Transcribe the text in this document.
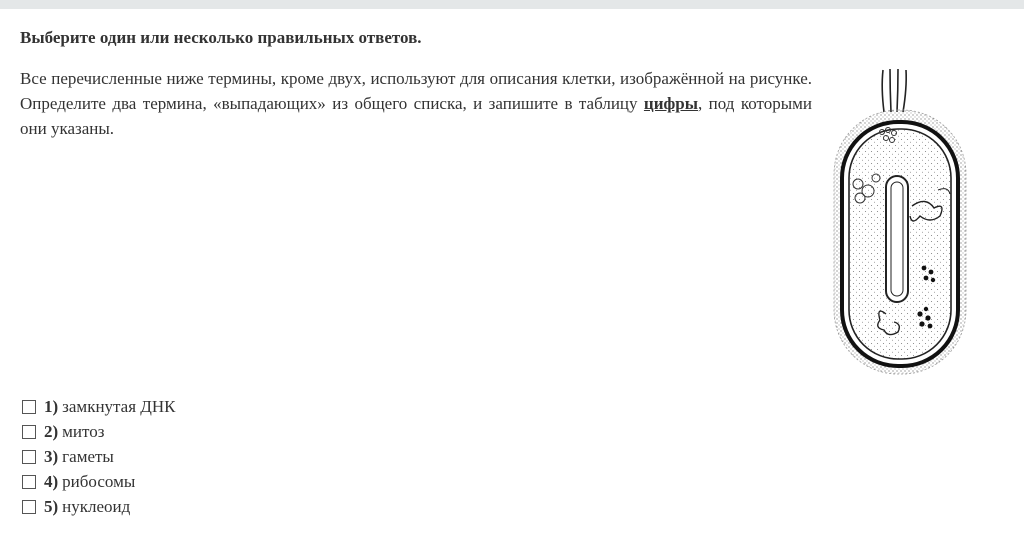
Выберите один или несколько правильных ответов.

Все перечисленные ниже термины, кроме двух, используют для описания клетки, изображённой на рисунке. Определите два термина, «выпадающих» из общего списка, и запишите в таблицу цифры, под которыми они указаны.

1) замкнутая ДНК
2) митоз
3) гаметы
4) рибосомы
5) нуклеоид
